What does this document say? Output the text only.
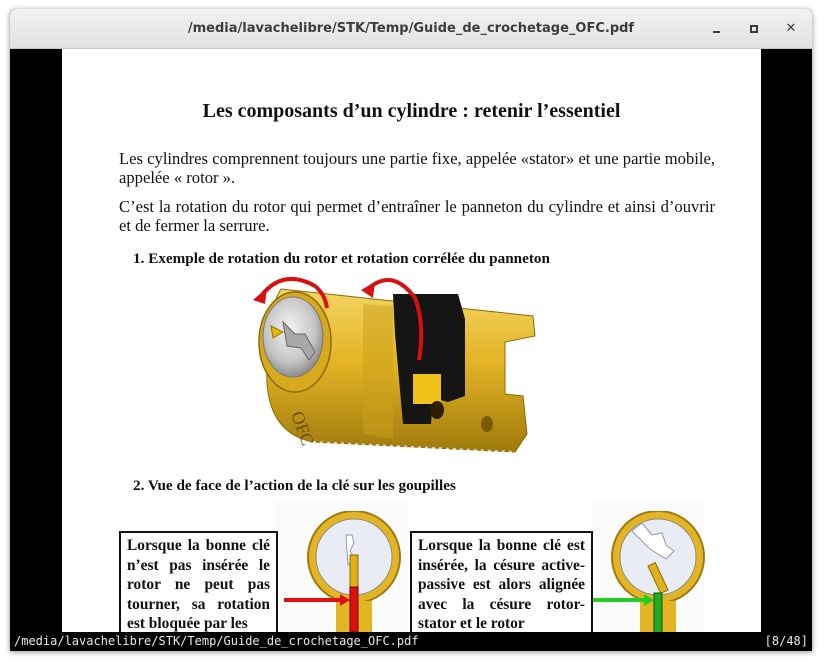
/media/lavachelibre/STK/Temp/Guide_de_crochetage_OFC.pdf	✕
Les composants d’un cylindre : retenir l’essentiel
Les cylindres comprennent toujours une partie fixe, appelée «stator» et une partie mobile, appelée « rotor ».
C’est la rotation du rotor qui permet d’entraîner le panneton du cylindre et ainsi d’ouvrir et de fermer la serrure.
1. Exemple de rotation du rotor et rotation corrélée du panneton
OFC
2. Vue de face de l’action de la clé sur les goupilles
Lorsque la bonne clé n’est pas insérée le rotor ne peut pas tourner, sa rotation est bloquée par les
Lorsque la bonne clé est insérée, la césure active-passive est alors alignée avec la césure rotor-stator et le rotor
/media/lavachelibre/STK/Temp/Guide_de_crochetage_OFC.pdf	[8/48]
